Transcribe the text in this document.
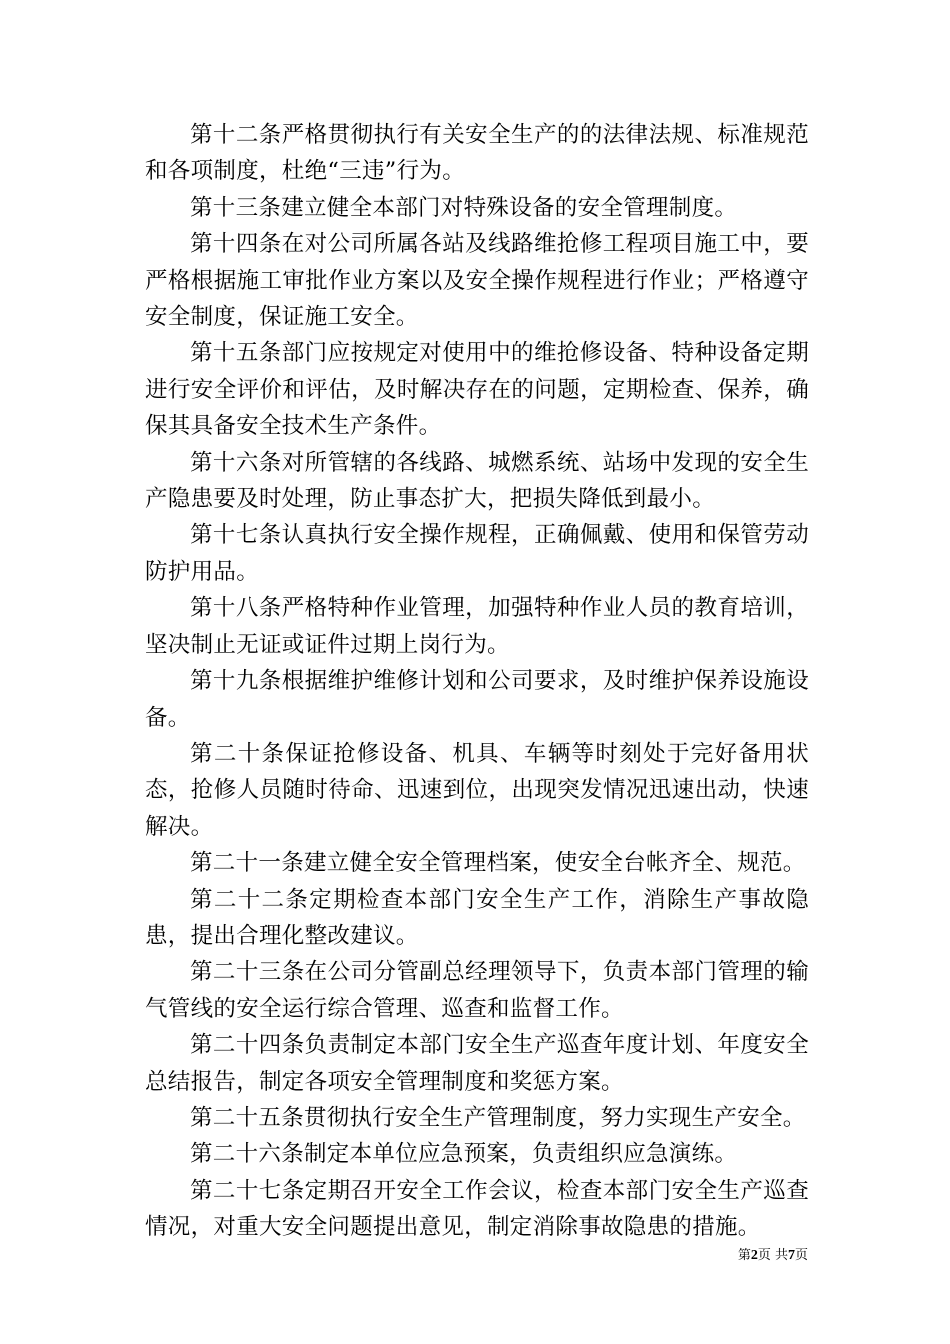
第十二条严格贯彻执行有关安全生产的的法律法规、标准规范和各项制度，杜绝“三违”行为。

第十三条建立健全本部门对特殊设备的安全管理制度。

第十四条在对公司所属各站及线路维抢修工程项目施工中，要严格根据施工审批作业方案以及安全操作规程进行作业；严格遵守安全制度，保证施工安全。

第十五条部门应按规定对使用中的维抢修设备、特种设备定期进行安全评价和评估，及时解决存在的问题，定期检查、保养，确保其具备安全技术生产条件。

第十六条对所管辖的各线路、城燃系统、站场中发现的安全生产隐患要及时处理，防止事态扩大，把损失降低到最小。

第十七条认真执行安全操作规程，正确佩戴、使用和保管劳动防护用品。

第十八条严格特种作业管理，加强特种作业人员的教育培训，坚决制止无证或证件过期上岗行为。

第十九条根据维护维修计划和公司要求，及时维护保养设施设备。

第二十条保证抢修设备、机具、车辆等时刻处于完好备用状态，抢修人员随时待命、迅速到位，出现突发情况迅速出动，快速解决。

第二十一条建立健全安全管理档案，使安全台帐齐全、规范。

第二十二条定期检查本部门安全生产工作，消除生产事故隐患，提出合理化整改建议。

第二十三条在公司分管副总经理领导下，负责本部门管理的输气管线的安全运行综合管理、巡查和监督工作。

第二十四条负责制定本部门安全生产巡查年度计划、年度安全总结报告，制定各项安全管理制度和奖惩方案。

第二十五条贯彻执行安全生产管理制度，努力实现生产安全。

第二十六条制定本单位应急预案，负责组织应急演练。

第二十七条定期召开安全工作会议，检查本部门安全生产巡查情况，对重大安全问题提出意见，制定消除事故隐患的措施。

第2页 共7页
